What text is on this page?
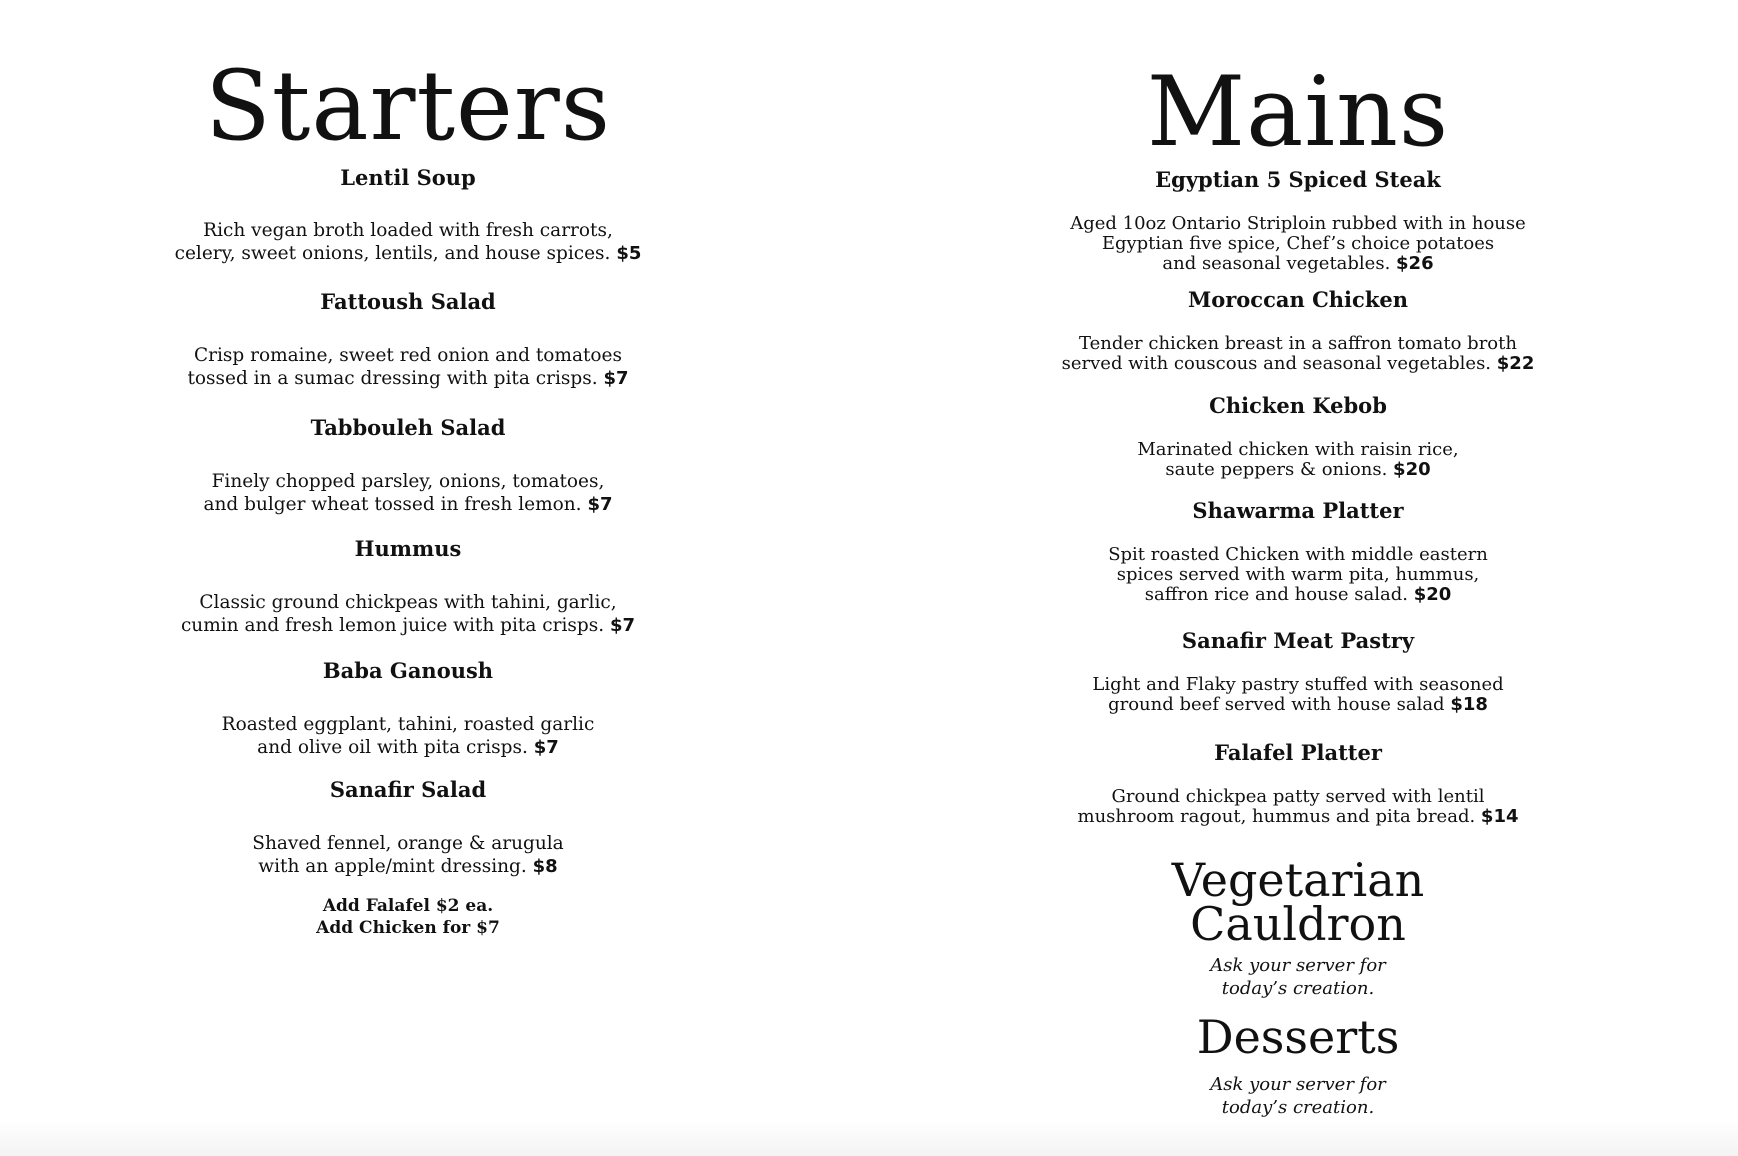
Starters
Lentil Soup

Rich vegan broth loaded with fresh carrots,
celery, sweet onions, lentils, and house spices. $5

Fattoush Salad

Crisp romaine, sweet red onion and tomatoes
tossed in a sumac dressing with pita crisps. $7

Tabbouleh Salad

Finely chopped parsley, onions, tomatoes,
and bulger wheat tossed in fresh lemon. $7

Hummus

Classic ground chickpeas with tahini, garlic,
cumin and fresh lemon juice with pita crisps. $7

Baba Ganoush

Roasted eggplant, tahini, roasted garlic
and olive oil with pita crisps. $7

Sanafir Salad

Shaved fennel, orange & arugula
with an apple/mint dressing. $8

Add Falafel $2 ea.
Add Chicken for $7
Mains
Egyptian 5 Spiced Steak

Aged 10oz Ontario Striploin rubbed with in house
Egyptian five spice, Chef’s choice potatoes
and seasonal vegetables. $26

Moroccan Chicken

Tender chicken breast in a saffron tomato broth
served with couscous and seasonal vegetables. $22

Chicken Kebob

Marinated chicken with raisin rice,
saute peppers & onions. $20

Shawarma Platter

Spit roasted Chicken with middle eastern
spices served with warm pita, hummus,
saffron rice and house salad. $20

Sanafir Meat Pastry

Light and Flaky pastry stuffed with seasoned
ground beef served with house salad $18

Falafel Platter

Ground chickpea patty served with lentil
mushroom ragout, hummus and pita bread. $14

Vegetarian
Cauldron

Ask your server for
today’s creation.

Desserts

Ask your server for
today’s creation.
